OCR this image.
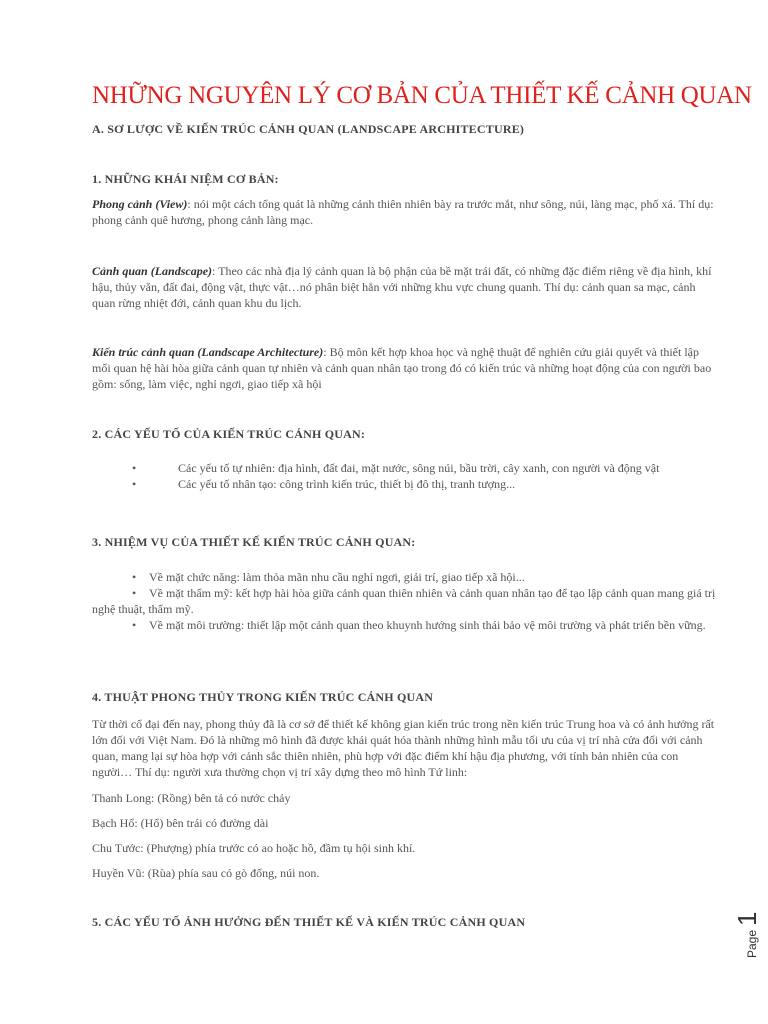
NHỮNG NGUYÊN LÝ CƠ BẢN CỦA THIẾT KẾ CẢNH QUAN
A. SƠ LƯỢC VỀ KIẾN TRÚC CẢNH QUAN (LANDSCAPE ARCHITECTURE)
1. NHỮNG KHÁI NIỆM CƠ BẢN:
Phong cảnh (View): nói một cách tổng quát là những cảnh thiên nhiên bày ra trước mắt, như sông, núi, làng mạc, phố xá. Thí dụ: phong cảnh quê hương, phong cảnh làng mạc.
Cảnh quan (Landscape): Theo các nhà địa lý cảnh quan là bộ phận của bề mặt trái đất, có những đặc điểm riêng về địa hình, khí hậu, thủy văn, đất đai, động vật, thực vật…nó phân biệt hẳn với những khu vực chung quanh. Thí dụ: cảnh quan sa mạc, cảnh quan rừng nhiệt đới, cảnh quan khu du lịch.
Kiến trúc cảnh quan (Landscape Architecture): Bộ môn kết hợp khoa học và nghệ thuật để nghiên cứu giải quyết và thiết lập mối quan hệ hài hòa giữa cảnh quan tự nhiên và cảnh quan nhân tạo trong đó có kiến trúc và những hoạt động của con người bao gồm: sống, làm việc, nghỉ ngơi, giao tiếp xã hội
2. CÁC YẾU TỐ CỦA KIẾN TRÚC CẢNH QUAN:
•	Các yếu tố tự nhiên: địa hình, đất đai, mặt nước, sông núi, bầu trời, cây xanh, con người và động vật
•	Các yếu tố nhân tạo: công trình kiến trúc, thiết bị đô thị, tranh tượng...
3. NHIỆM VỤ CỦA THIẾT KẾ KIẾN TRÚC CẢNH QUAN:
•	Về mặt chức năng: làm thỏa mãn nhu cầu nghỉ ngơi, giải trí, giao tiếp xã hội...
•	Về mặt thẩm mỹ: kết hợp hài hòa giữa cảnh quan thiên nhiên và cảnh quan nhân tạo để tạo lập cảnh quan mang giá trị nghệ thuật, thẩm mỹ.
•	Về mặt môi trường: thiết lập một cảnh quan theo khuynh hướng sinh thái bảo vệ môi trường và phát triển bền vững.
4. THUẬT PHONG THỦY TRONG KIẾN TRÚC CẢNH QUAN
Từ thời cổ đại đến nay, phong thủy đã là cơ sở để thiết kế không gian kiến trúc trong nền kiến trúc Trung hoa và có ảnh hưởng rất lớn đối với Việt Nam. Đó là những mô hình đã được khái quát hóa thành những hình mẫu tối ưu của vị trí nhà cửa đối với cảnh quan, mang lại sự hòa hợp với cảnh sắc thiên nhiên, phù hợp với đặc điểm khí hậu địa phương, với tính bản nhiên của con người… Thí dụ: người xưa thường chọn vị trí xây dựng theo mô hình Tứ linh:
Thanh Long: (Rồng) bên tả có nước chảy
Bạch Hổ: (Hổ) bên trái có đường dài
Chu Tước: (Phượng) phía trước có ao hoặc hồ, đầm tụ hội sinh khí.
Huyền Vũ: (Rùa) phía sau có gò đống, núi non.
5. CÁC YẾU TỐ ẢNH HƯỞNG ĐẾN THIẾT KẾ VÀ KIẾN TRÚC CẢNH QUAN
Page 1
